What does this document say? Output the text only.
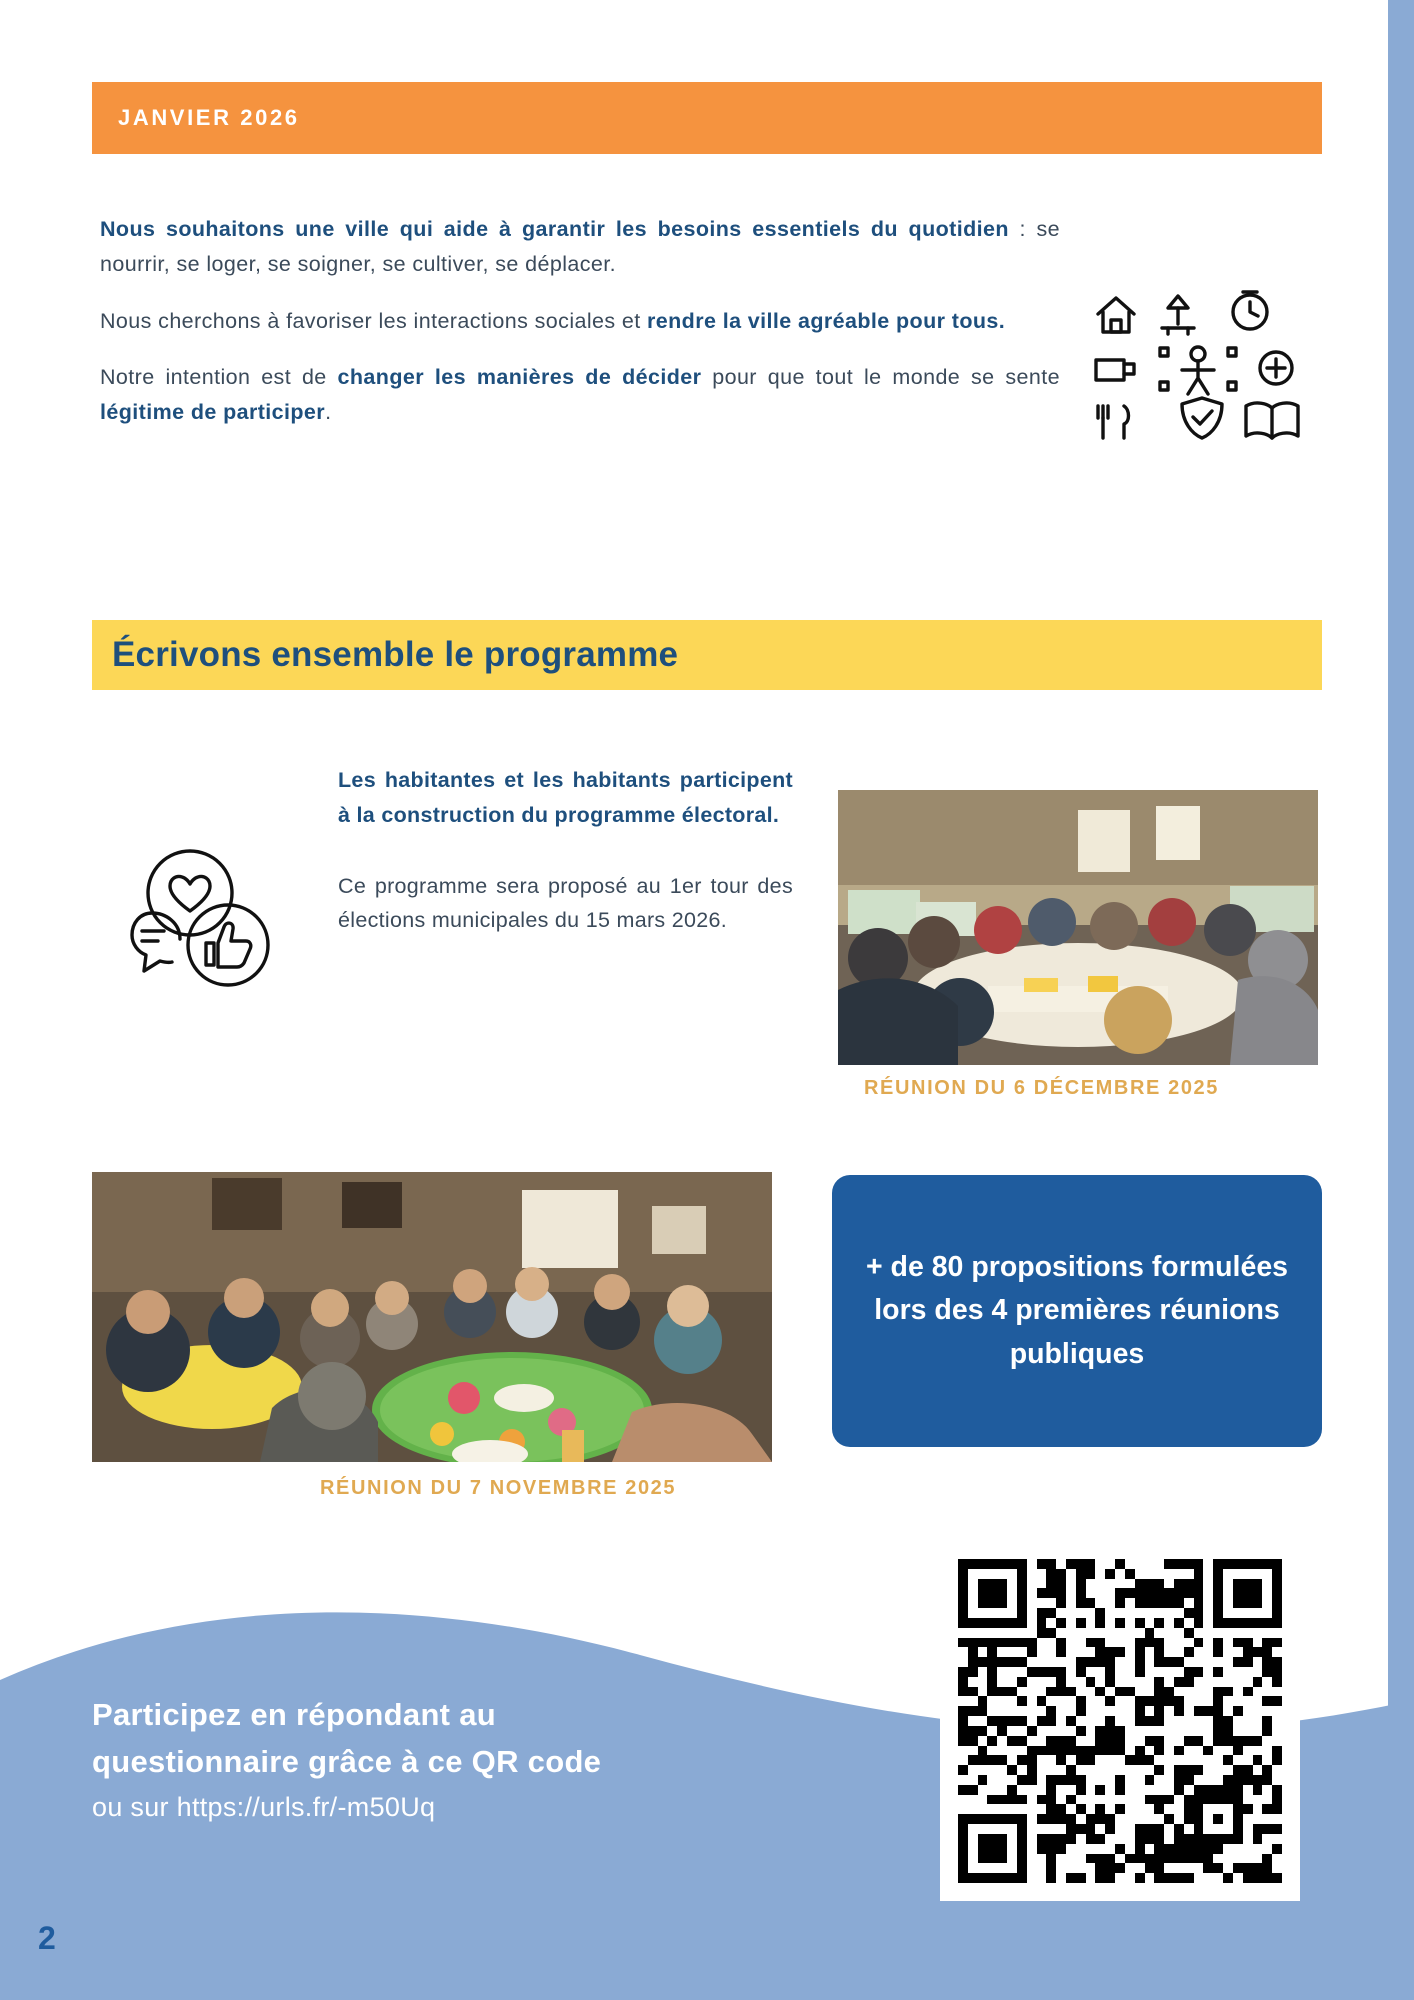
JANVIER 2026

Nous souhaitons une ville qui aide à garantir les besoins essentiels du quotidien : se nourrir, se loger, se soigner, se cultiver, se déplacer.

Nous cherchons à favoriser les interactions sociales et rendre la ville agréable pour tous.

Notre intention est de changer les manières de décider pour que tout le monde se sente légitime de participer.

Écrivons ensemble le programme

Les habitantes et les habitants participent à la construction du programme électoral.

Ce programme sera proposé au 1er tour des élections municipales du 15 mars 2026.

RÉUNION DU 6 DÉCEMBRE 2025
RÉUNION DU 7 NOVEMBRE 2025
+ de 80 propositions formulées lors des 4 premières réunions publiques
Participez en répondant au
questionnaire grâce à ce QR code
ou sur https://urls.fr/-m50Uq
2
